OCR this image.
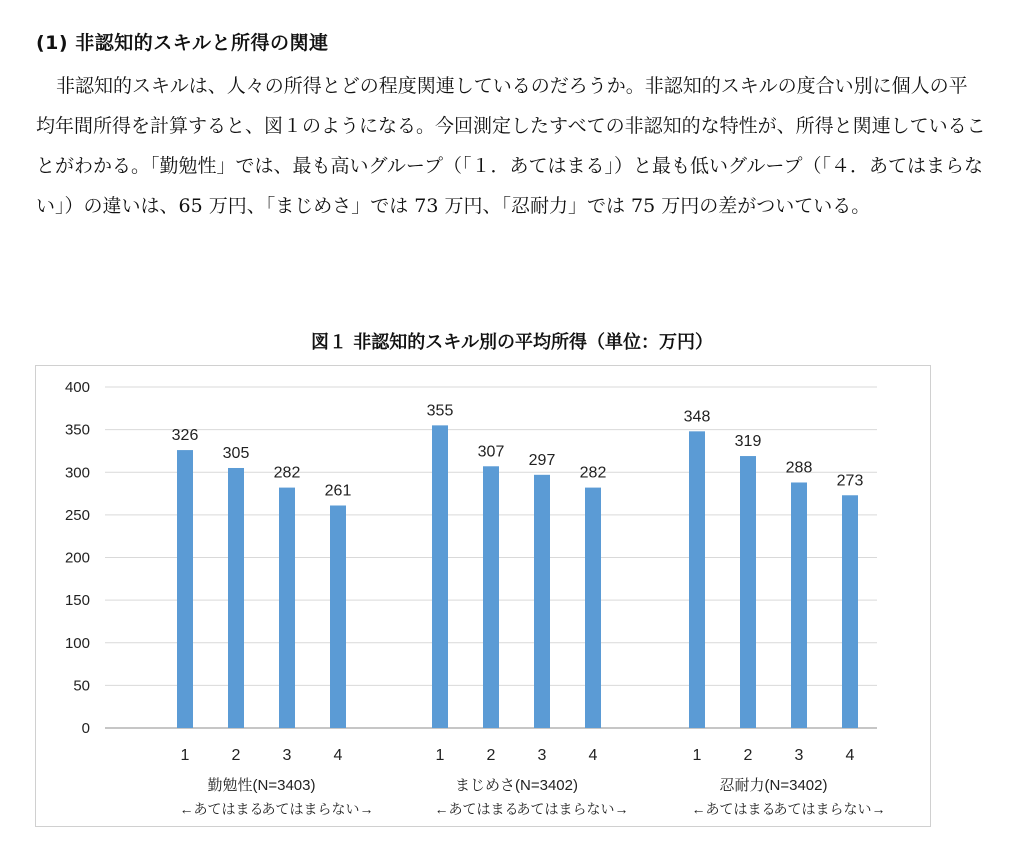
(1) 非認知的スキルと所得の関連

非認知的スキルは、人々の所得とどの程度関連しているのだろうか。非認知的スキルの度合い別に個人の平均年間所得を計算すると、図１のようになる。今回測定したすべての非認知的な特性が、所得と関連していることがわかる。「勤勉性」では、最も高いグループ（「１．あてはまる」）と最も低いグループ（「４．あてはまらない」）の違いは、65 万円、「まじめさ」では 73 万円、「忍耐力」では 75 万円の差がついている。

図１ 非認知的スキル別の平均所得（単位：万円）
0
50
100
150
200
250
300
350
400
326
1
305
2
282
3
261
4
勤勉性(N=3403)
←あてはまる
あてはまらない→
355
1
307
2
297
3
282
4
まじめさ(N=3402)
←あてはまる
あてはまらない→
348
1
319
2
288
3
273
4
忍耐力(N=3402)
←あてはまる
あてはまらない→
